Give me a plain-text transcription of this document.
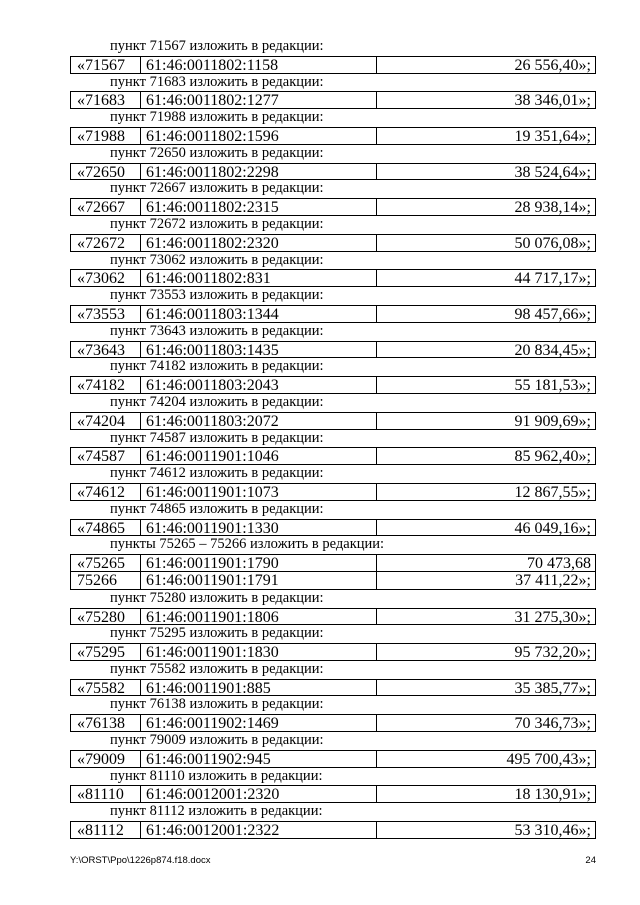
пункт 71567 изложить в редакции:
«71567	61:46:0011802:1158	26 556,40»;
пункт 71683 изложить в редакции:
«71683	61:46:0011802:1277	38 346,01»;
пункт 71988 изложить в редакции:
«71988	61:46:0011802:1596	19 351,64»;
пункт 72650 изложить в редакции:
«72650	61:46:0011802:2298	38 524,64»;
пункт 72667 изложить в редакции:
«72667	61:46:0011802:2315	28 938,14»;
пункт 72672 изложить в редакции:
«72672	61:46:0011802:2320	50 076,08»;
пункт 73062 изложить в редакции:
«73062	61:46:0011802:831	44 717,17»;
пункт 73553 изложить в редакции:
«73553	61:46:0011803:1344	98 457,66»;
пункт 73643 изложить в редакции:
«73643	61:46:0011803:1435	20 834,45»;
пункт 74182 изложить в редакции:
«74182	61:46:0011803:2043	55 181,53»;
пункт 74204 изложить в редакции:
«74204	61:46:0011803:2072	91 909,69»;
пункт 74587 изложить в редакции:
«74587	61:46:0011901:1046	85 962,40»;
пункт 74612 изложить в редакции:
«74612	61:46:0011901:1073	12 867,55»;
пункт 74865 изложить в редакции:
«74865	61:46:0011901:1330	46 049,16»;
пункты 75265 – 75266 изложить в редакции:
«75265	61:46:0011901:1790	70 473,68
75266	61:46:0011901:1791	37 411,22»;
пункт 75280 изложить в редакции:
«75280	61:46:0011901:1806	31 275,30»;
пункт 75295 изложить в редакции:
«75295	61:46:0011901:1830	95 732,20»;
пункт 75582 изложить в редакции:
«75582	61:46:0011901:885	35 385,77»;
пункт 76138 изложить в редакции:
«76138	61:46:0011902:1469	70 346,73»;
пункт 79009 изложить в редакции:
«79009	61:46:0011902:945	495 700,43»;
пункт 81110 изложить в редакции:
«81110	61:46:0012001:2320	18 130,91»;
пункт 81112 изложить в редакции:
«81112	61:46:0012001:2322	53 310,46»;
Y:\ORST\Ppo\1226p874.f18.docx	24
